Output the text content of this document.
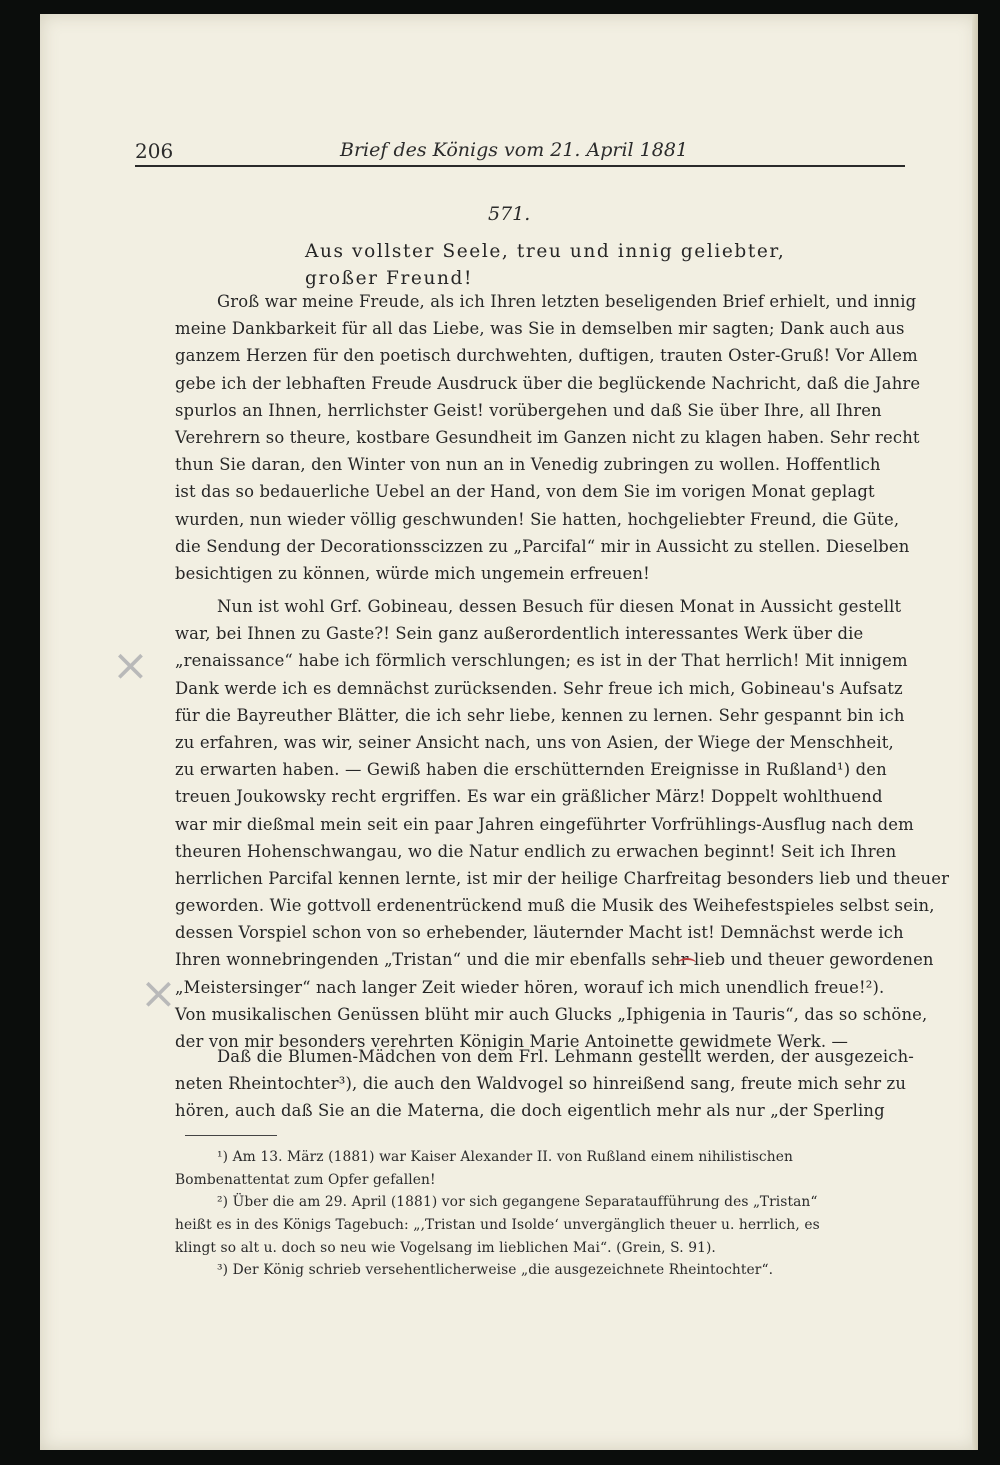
206	Brief des Königs vom 21. April 1881
571.
Aus vollster Seele, treu und innig geliebter,
großer Freund!
Groß war meine Freude, als ich Ihren letzten beseligenden Brief erhielt, und innig
meine Dankbarkeit für all das Liebe, was Sie in demselben mir sagten; Dank auch aus
ganzem Herzen für den poetisch durchwehten, duftigen, trauten Oster-Gruß! Vor Allem
gebe ich der lebhaften Freude Ausdruck über die beglückende Nachricht, daß die Jahre
spurlos an Ihnen, herrlichster Geist! vorübergehen und daß Sie über Ihre, all Ihren
Verehrern so theure, kostbare Gesundheit im Ganzen nicht zu klagen haben. Sehr recht
thun Sie daran, den Winter von nun an in Venedig zubringen zu wollen. Hoffentlich
ist das so bedauerliche Uebel an der Hand, von dem Sie im vorigen Monat geplagt
wurden, nun wieder völlig geschwunden! Sie hatten, hochgeliebter Freund, die Güte,
die Sendung der Decorationsscizzen zu „Parcifal“ mir in Aussicht zu stellen. Dieselben
besichtigen zu können, würde mich ungemein erfreuen!
Nun ist wohl Grf. Gobineau, dessen Besuch für diesen Monat in Aussicht gestellt
war, bei Ihnen zu Gaste?! Sein ganz außerordentlich interessantes Werk über die
„renaissance“ habe ich förmlich verschlungen; es ist in der That herrlich! Mit innigem
Dank werde ich es demnächst zurücksenden. Sehr freue ich mich, Gobineau's Aufsatz
für die Bayreuther Blätter, die ich sehr liebe, kennen zu lernen. Sehr gespannt bin ich
zu erfahren, was wir, seiner Ansicht nach, uns von Asien, der Wiege der Menschheit,
zu erwarten haben. — Gewiß haben die erschütternden Ereignisse in Rußland¹) den
treuen Joukowsky recht ergriffen. Es war ein gräßlicher März! Doppelt wohlthuend
war mir dießmal mein seit ein paar Jahren eingeführter Vorfrühlings-Ausflug nach dem
theuren Hohenschwangau, wo die Natur endlich zu erwachen beginnt! Seit ich Ihren
herrlichen Parcifal kennen lernte, ist mir der heilige Charfreitag besonders lieb und theuer
geworden. Wie gottvoll erdenentrückend muß die Musik des Weihefestspieles selbst sein,
dessen Vorspiel schon von so erhebender, läuternder Macht ist! Demnächst werde ich
Ihren wonnebringenden „Tristan“ und die mir ebenfalls sehr lieb und theuer gewordenen
„Meistersinger“ nach langer Zeit wieder hören, worauf ich mich unendlich freue!²).
Von musikalischen Genüssen blüht mir auch Glucks „Iphigenia in Tauris“, das so schöne,
der von mir besonders verehrten Königin Marie Antoinette gewidmete Werk. —
Daß die Blumen-Mädchen von dem Frl. Lehmann gestellt werden, der ausgezeich-
neten Rheintochter³), die auch den Waldvogel so hinreißend sang, freute mich sehr zu
hören, auch daß Sie an die Materna, die doch eigentlich mehr als nur „der Sperling
¹) Am 13. März (1881) war Kaiser Alexander II. von Rußland einem nihilistischen
Bombenattentat zum Opfer gefallen!
²) Über die am 29. April (1881) vor sich gegangene Separataufführung des „Tristan“
heißt es in des Königs Tagebuch: „‚Tristan und Isolde‘ unvergänglich theuer u. herrlich, es
klingt so alt u. doch so neu wie Vogelsang im lieblichen Mai“. (Grein, S. 91).
³) Der König schrieb versehentlicherweise „die ausgezeichnete Rheintochter“.
×
×
